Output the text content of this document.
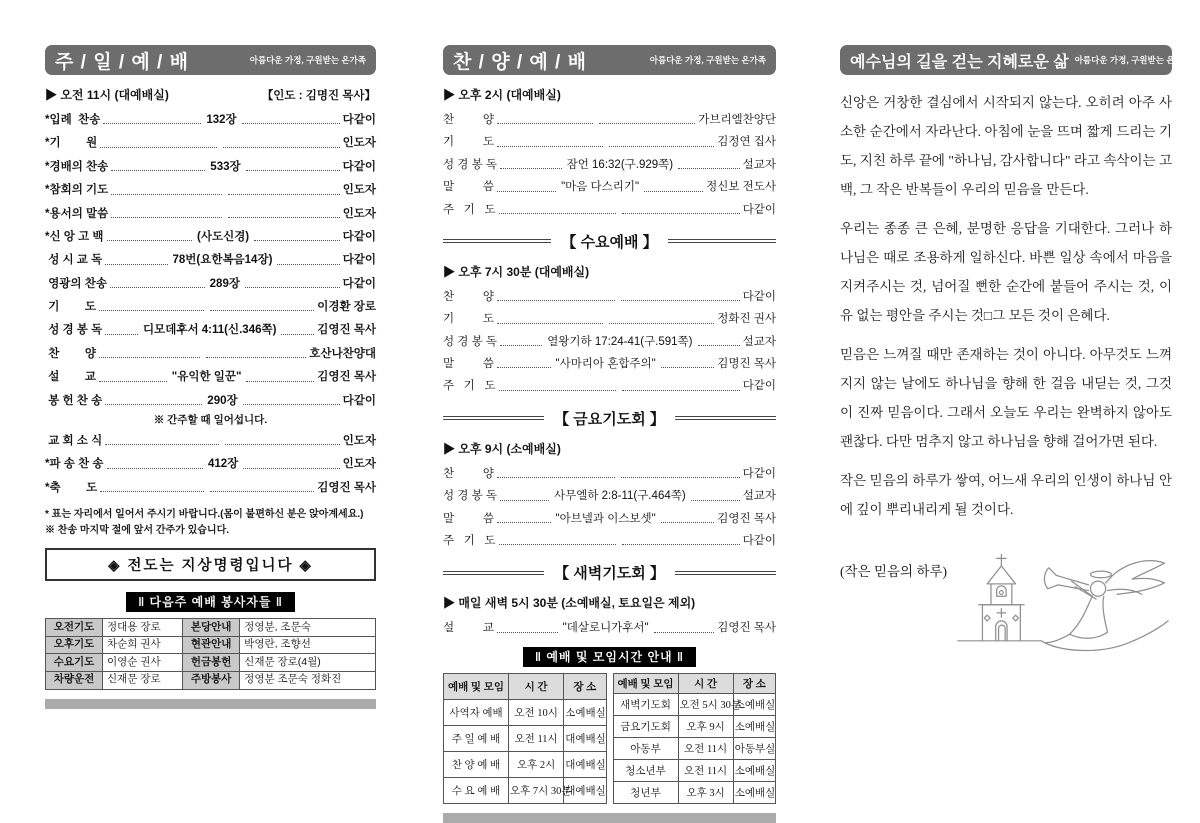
주 / 일 / 예 / 배	아름다운 가정, 구원받는 온가족
▶ 오전 11시 (대예배실)	【인도 : 김명진 목사】
*입례  찬송	132장	다같이
*기        원	인도자
*경배의 찬송	533장	다같이
*참회의 기도	인도자
*용서의 말씀	인도자
*신 앙 고 백	(사도신경)	다같이
성 시 교 독	78번(요한복음14장)	다같이
영광의 찬송	289장	다같이
기        도	이경환 장로
성 경 봉 독	디모데후서 4:11(신.346쪽)	김영진 목사
찬        양	호산나찬양대
설        교	"유익한 일꾼"	김영진 목사
봉 헌 찬 송	290장	다같이
※ 간주할 때 일어섭니다.
교 회 소 식	인도자
*파 송 찬 송	412장	인도자
*축        도	김영진 목사
* 표는 자리에서 일어서 주시기 바랍니다.(몸이 불편하신 분은 앉아계세요.)
※ 찬송 마지막 절에 앞서 간주가 있습니다.
◈ 전도는 지상명령입니다 ◈
‖ 다음주 예배 봉사자들 ‖
오전기도	정대용 장로	본당안내	정영분, 조문숙
오후기도	차순희 권사	현관안내	박영란, 조향선
수요기도	이영순 권사	헌금봉헌	신재문 장로(4월)
차량운전	신재문 장로	주방봉사	정영분 조문숙 정화진
찬 / 양 / 예 / 배	아름다운 가정, 구원받는 온가족
▶ 오후 2시 (대예배실)
찬         양	가브리엘찬양단
기         도	김정연 집사
성 경 봉 독	잠언 16:32(구.929쪽)	설교자
말         씀	"마음 다스리기"	정신보 전도사
주   기   도	다같이
【 수요예배 】
▶ 오후 7시 30분 (대예배실)
찬         양	다같이
기         도	정화진 권사
성 경 봉 독	열왕기하 17:24-41(구.591쪽)	설교자
말         씀	"사마리아 혼합주의"	김명진 목사
주   기   도	다같이
【 금요기도회 】
▶ 오후 9시 (소예배실)
찬         양	다같이
성 경 봉 독	사무엘하 2:8-11(구.464쪽)	설교자
말         씀	"아브넬과 이스보셋"	김영진 목사
주   기   도	다같이
【 새벽기도회 】
▶ 매일 새벽 5시 30분 (소예배실, 토요일은 제외)
설         교	"데살로니가후서"	김영진 목사
‖ 예배 및 모임시간 안내 ‖
예배 및 모임	시 간	장 소
사역자 예배	오전 10시	소예배실
주 일 예 배	오전 11시	대예배실
찬 양 예 배	오후 2시	대예배실
수 요 예 배	오후 7시 30분	대예배실
예배 및 모임	시 간	장 소
새벽기도회	오전 5시 30분	소예배실
금요기도회	오후 9시	소예배실
아동부	오전 11시	아동부실
청소년부	오전 11시	소예배실
청년부	오후 3시	소예배실
예수님의 길을 걷는 지혜로운 삶 아름다운 가정, 구원받는 온가족

신앙은 거창한 결심에서 시작되지 않는다. 오히려 아주 사소한 순간에서 자라난다. 아침에 눈을 뜨며 짧게 드리는 기도, 지친 하루 끝에 "하나님, 감사합니다" 라고 속삭이는 고백, 그 작은 반복들이 우리의 믿음을 만든다.

우리는 종종 큰 은혜, 분명한 응답을 기대한다. 그러나 하나님은 때로 조용하게 일하신다. 바쁜 일상 속에서 마음을 지켜주시는 것, 넘어질 뻔한 순간에 붙들어 주시는 것, 이유 없는 평안을 주시는 것□그 모든 것이 은혜다.

믿음은 느껴질 때만 존재하는 것이 아니다. 아무것도 느껴지지 않는 날에도 하나님을 향해 한 걸음 내딛는 것, 그것이 진짜 믿음이다. 그래서 오늘도 우리는 완벽하지 않아도 괜찮다. 다만 멈추지 않고 하나님을 향해 걸어가면 된다.

작은 믿음의 하루가 쌓여, 어느새 우리의 인생이 하나님 안에 깊이 뿌리내리게 될 것이다.

(작은 믿음의 하루)
